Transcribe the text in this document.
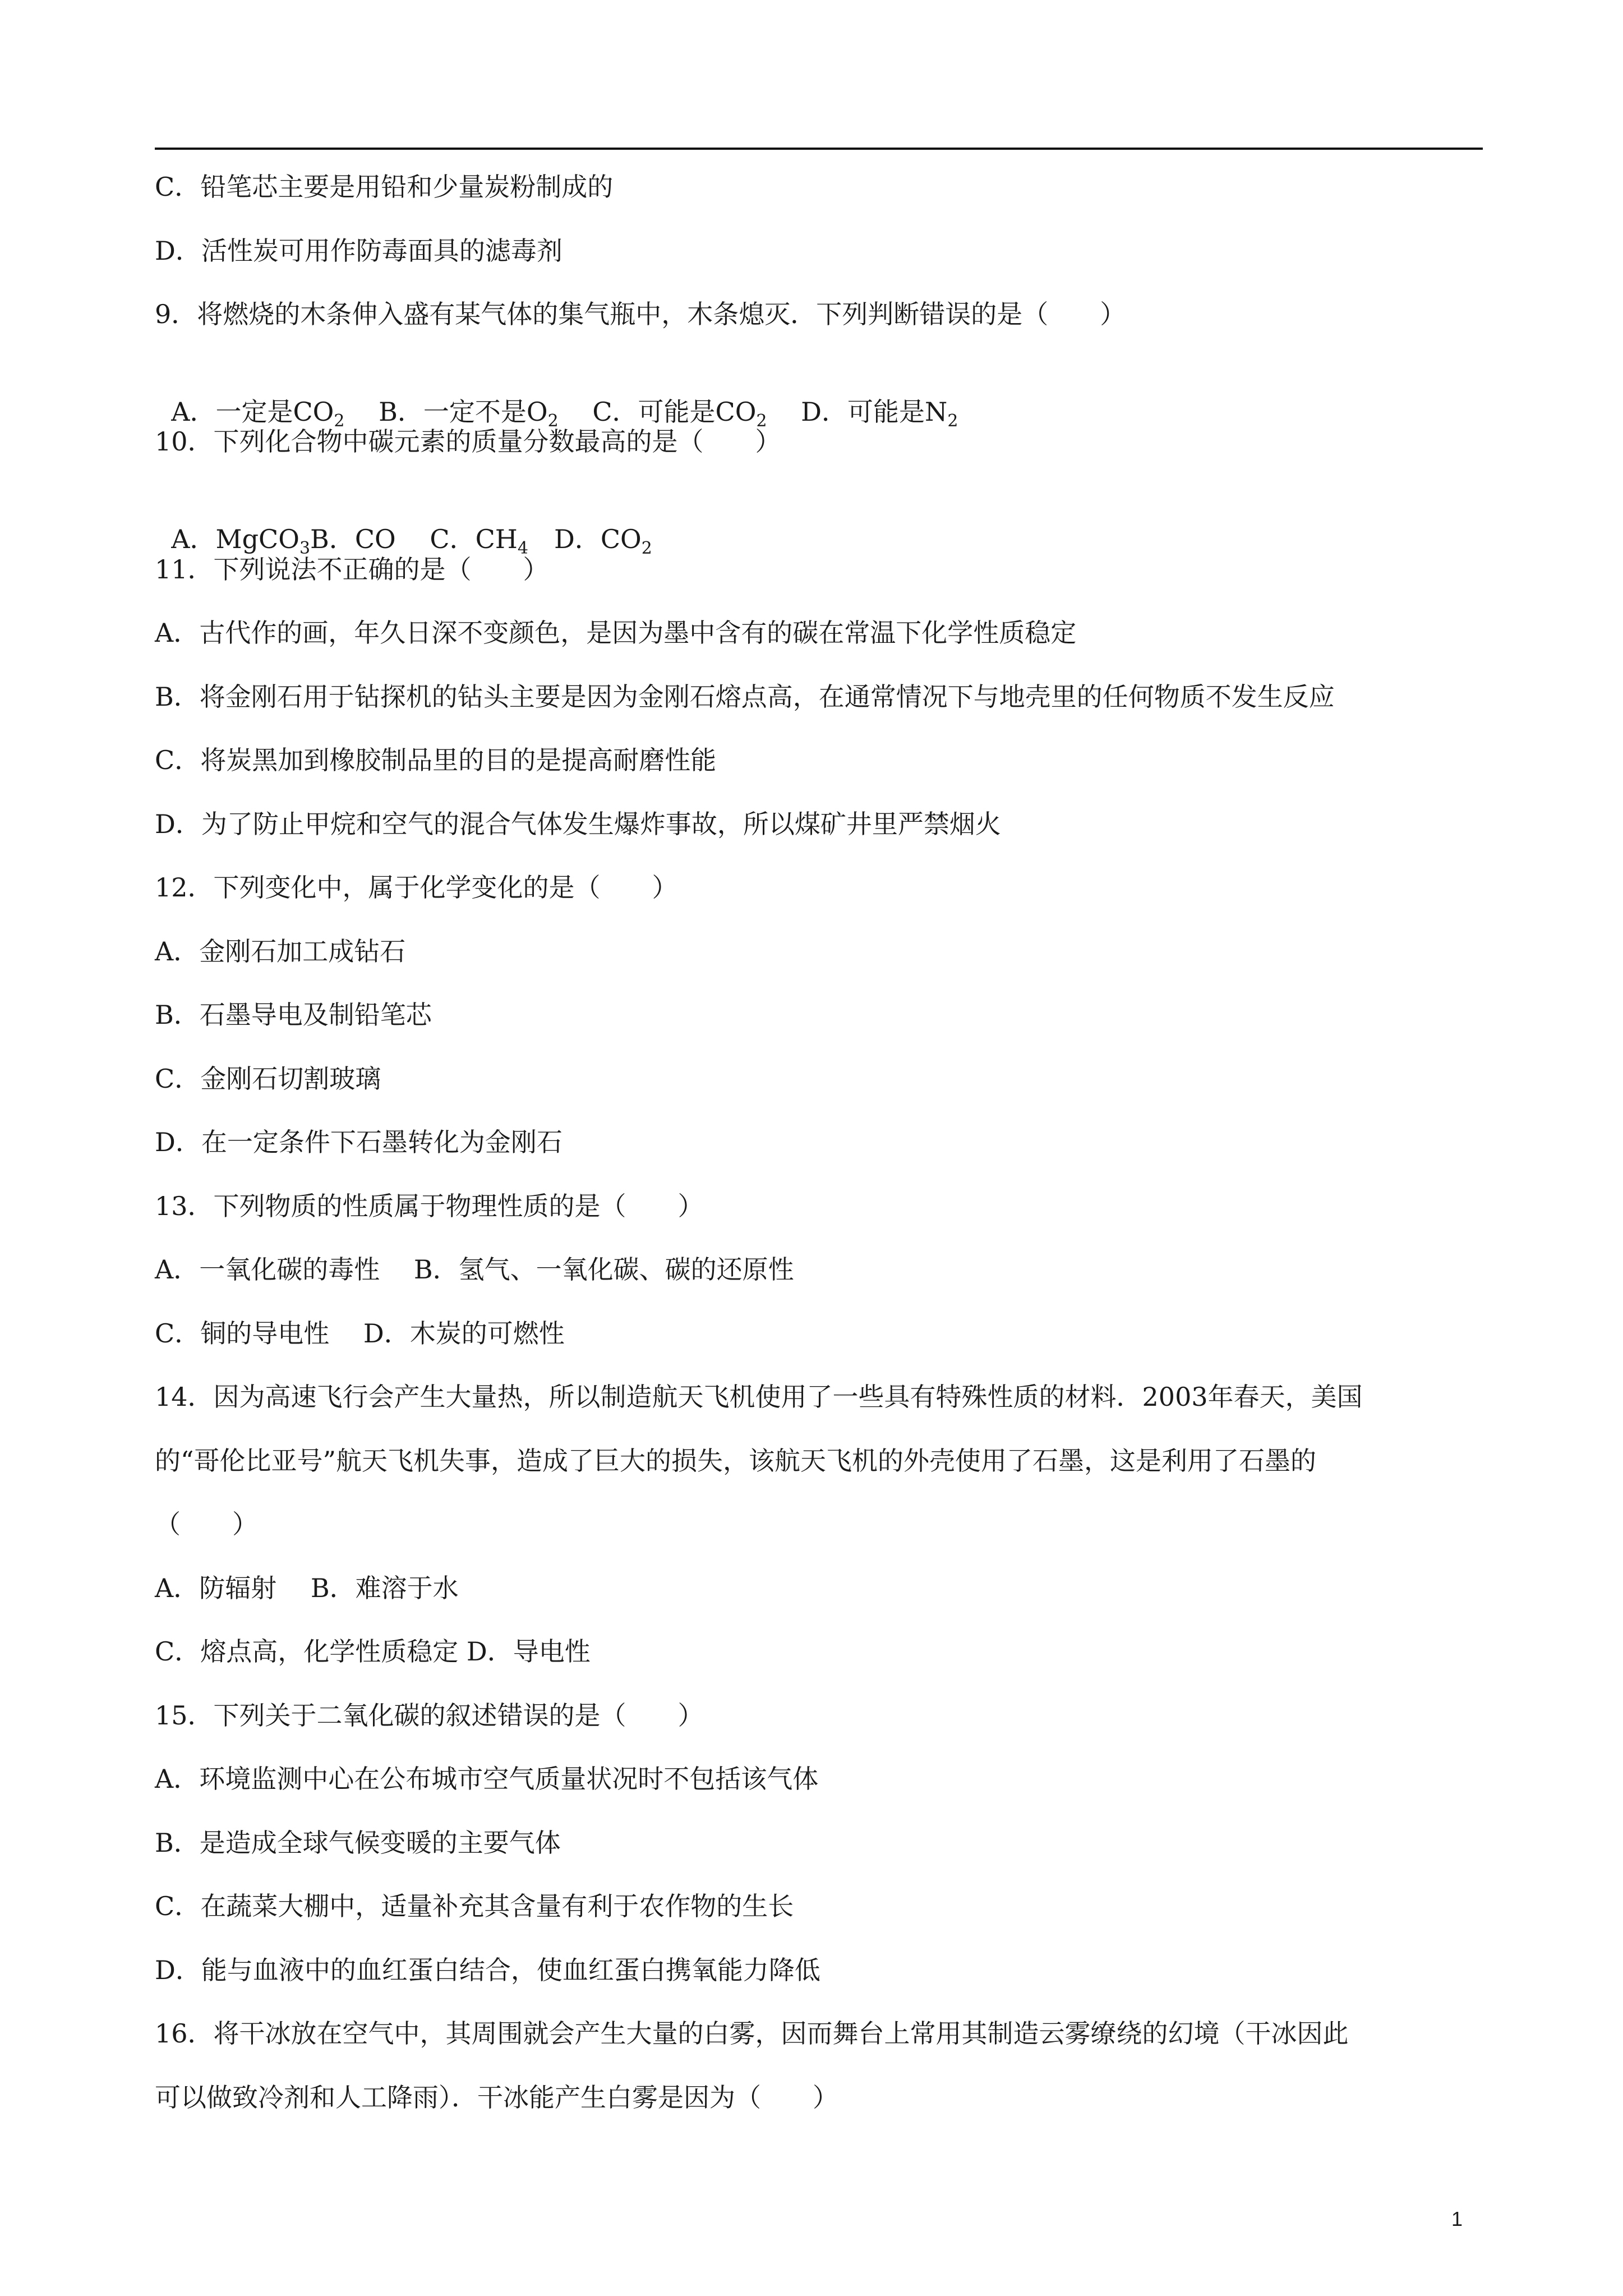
C．铅笔芯主要是用铅和少量炭粉制成的
D．活性炭可用作防毒面具的滤毒剂
9．将燃烧的木条伸入盛有某气体的集气瓶中，木条熄灭．下列判断错误的是（　　）

A．一定是$CO_2$　 B．一定不是$O_2$　 C．可能是$CO_2$　 D．可能是$N_2$

10．下列化合物中碳元素的质量分数最高的是（　　）

A．MgCO$_3$B．CO　 C．$CH_4$　 D．$CO_2$

11．下列说法不正确的是（　　）
A．古代作的画，年久日深不变颜色，是因为墨中含有的碳在常温下化学性质稳定
B．将金刚石用于钻探机的钻头主要是因为金刚石熔点高，在通常情况下与地壳里的任何物质不发生反应
C．将炭黑加到橡胶制品里的目的是提高耐磨性能
D．为了防止甲烷和空气的混合气体发生爆炸事故，所以煤矿井里严禁烟火
12．下列变化中，属于化学变化的是（　　）
A．金刚石加工成钻石
B．石墨导电及制铅笔芯
C．金刚石切割玻璃
D．在一定条件下石墨转化为金刚石
13．下列物质的性质属于物理性质的是（　　）
A．一氧化碳的毒性　 B．氢气、一氧化碳、碳的还原性
C．铜的导电性　 D．木炭的可燃性
14．因为高速飞行会产生大量热，所以制造航天飞机使用了一些具有特殊性质的材料．2003年春天，美国
的“哥伦比亚号”航天飞机失事，造成了巨大的损失，该航天飞机的外壳使用了石墨，这是利用了石墨的
（　　）
A．防辐射　 B．难溶于水
C．熔点高，化学性质稳定 D．导电性
15．下列关于二氧化碳的叙述错误的是（　　）
A．环境监测中心在公布城市空气质量状况时不包括该气体
B．是造成全球气候变暖的主要气体
C．在蔬菜大棚中，适量补充其含量有利于农作物的生长
D．能与血液中的血红蛋白结合，使血红蛋白携氧能力降低
16．将干冰放在空气中，其周围就会产生大量的白雾，因而舞台上常用其制造云雾缭绕的幻境（干冰因此
可以做致冷剂和人工降雨）．干冰能产生白雾是因为（　　）
1
